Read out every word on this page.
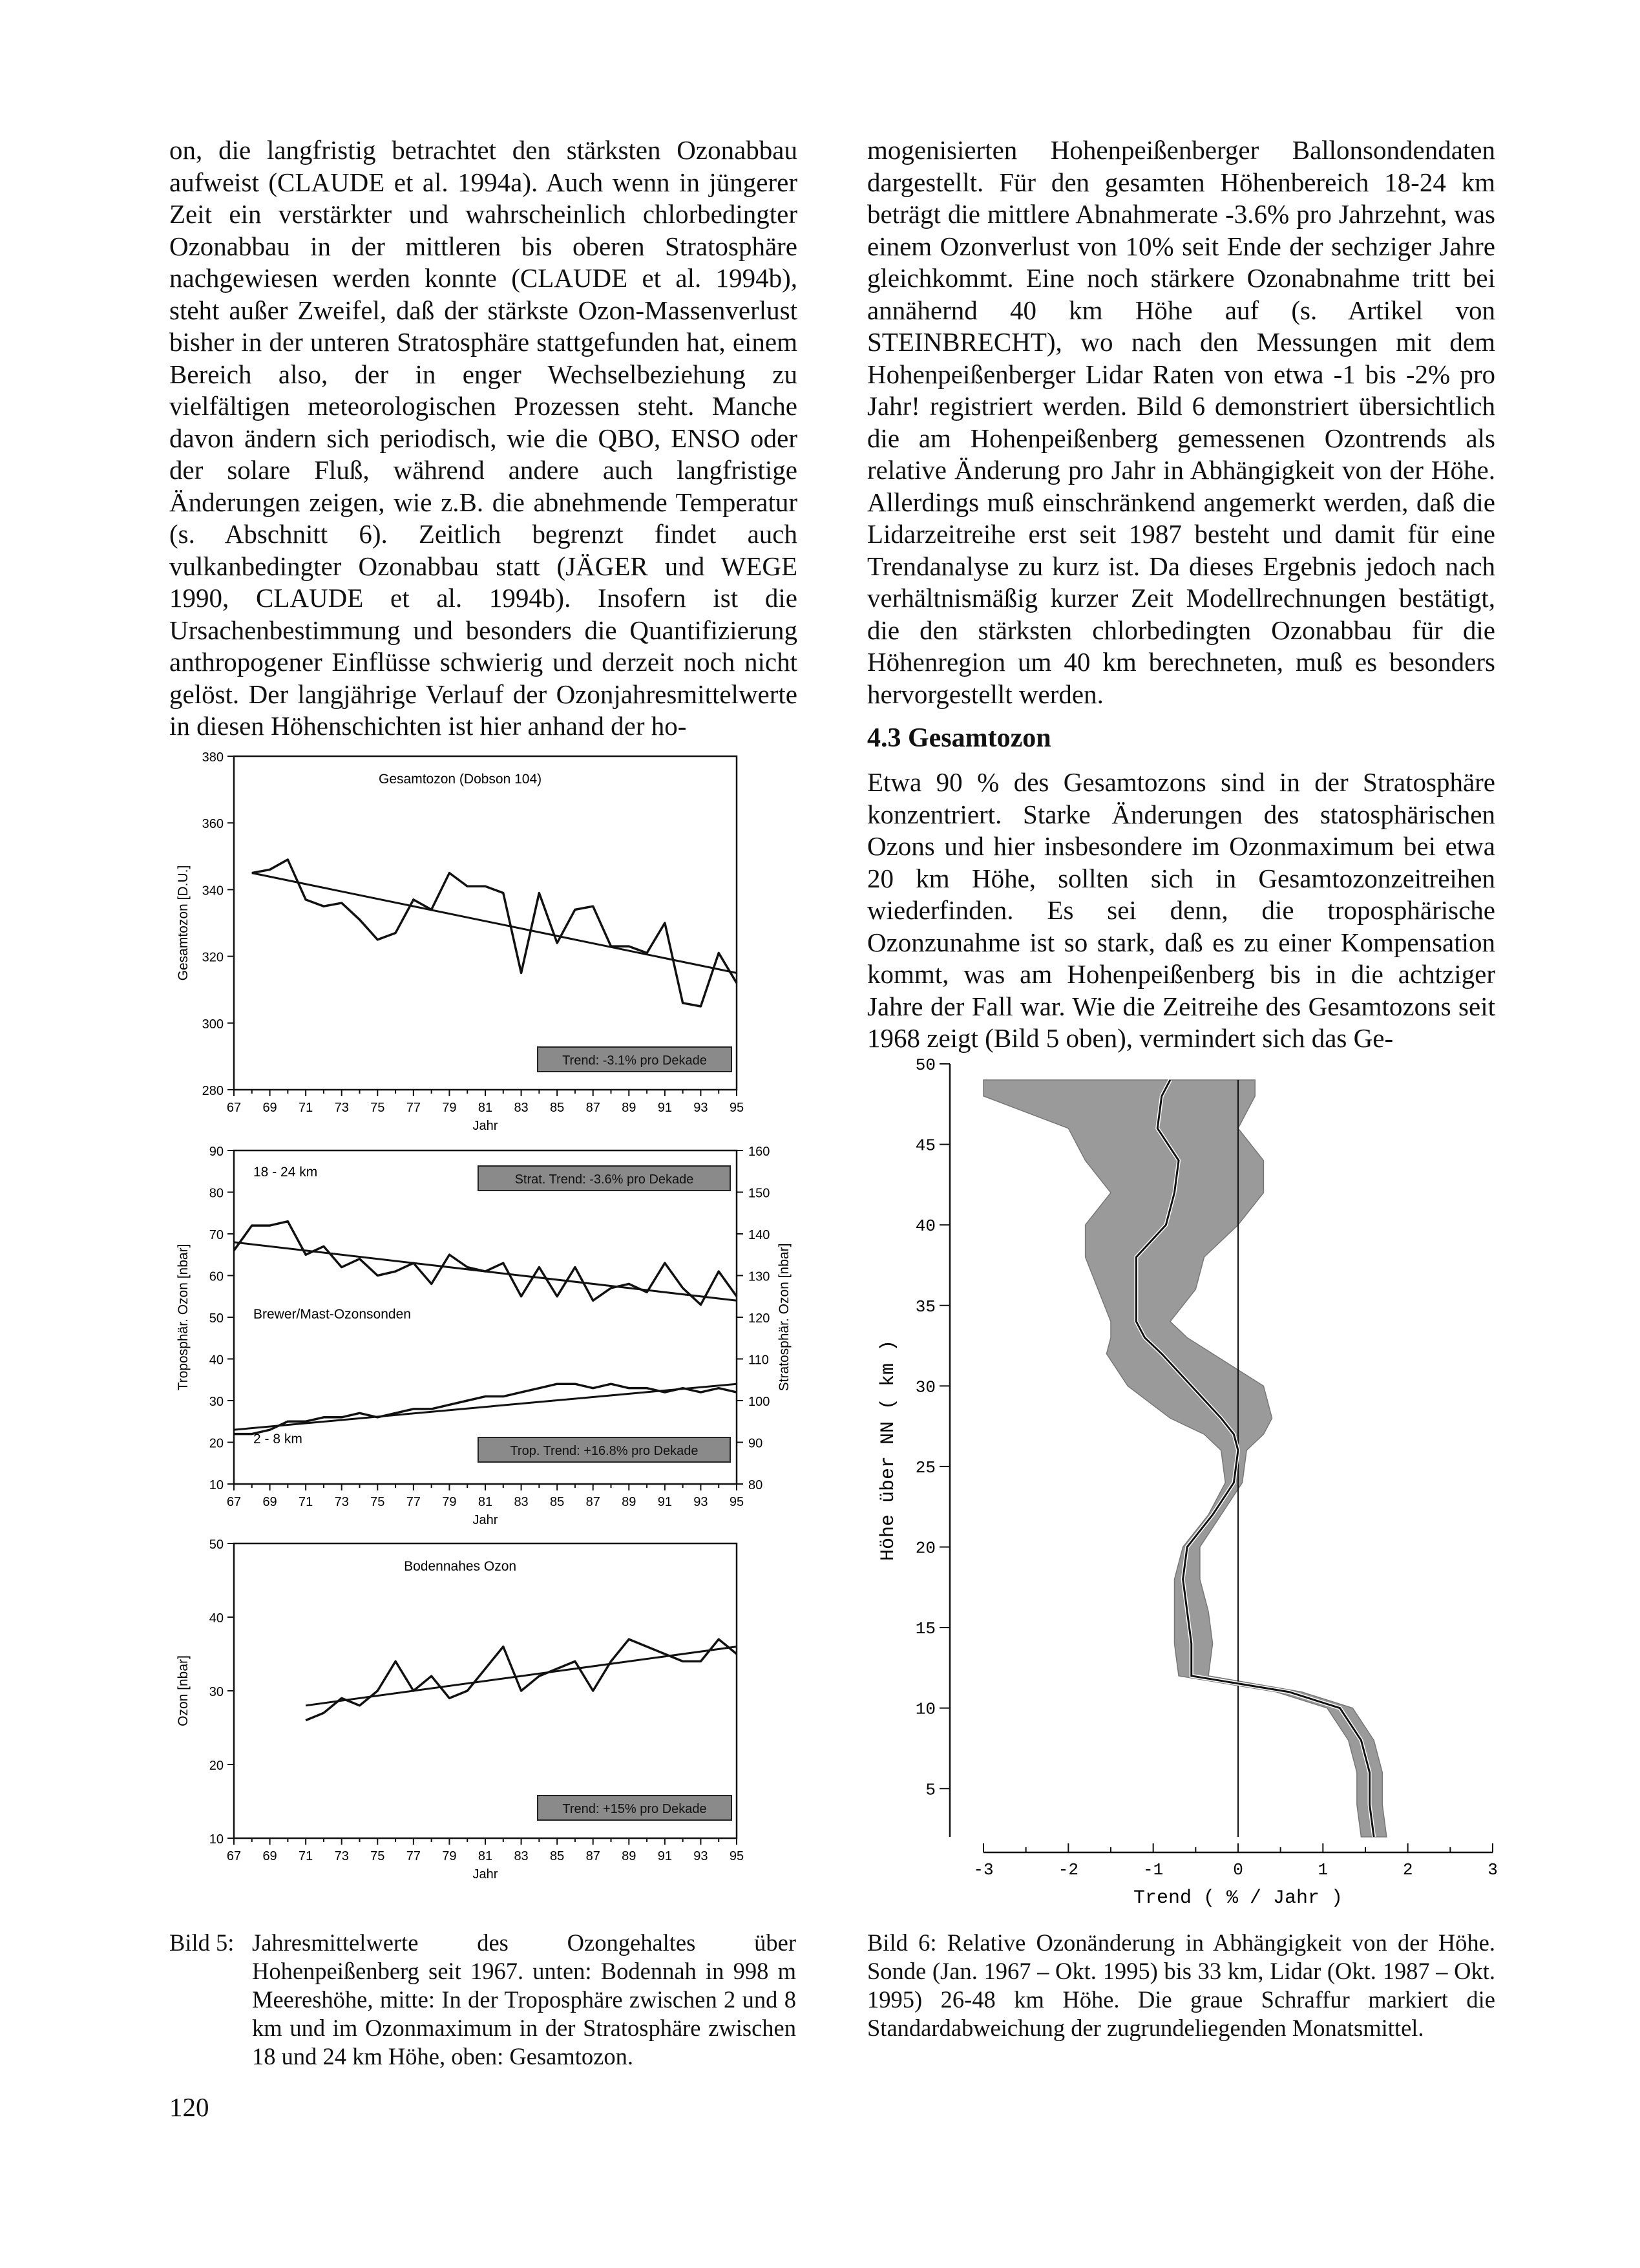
on, die langfristig betrachtet den stärksten Ozonabbau aufweist (CLAUDE et al. 1994a). Auch wenn in jüngerer Zeit ein verstärkter und wahrscheinlich chlorbedingter Ozonabbau in der mittleren bis oberen Stratosphäre nachgewiesen werden konnte (CLAUDE et al. 1994b), steht außer Zweifel, daß der stärkste Ozon-Massenverlust bisher in der unteren Stratosphäre stattgefunden hat, einem Bereich also, der in enger Wechselbeziehung zu vielfältigen meteorologischen Prozessen steht. Manche davon ändern sich periodisch, wie die QBO, ENSO oder der solare Fluß, während andere auch langfristige Änderungen zeigen, wie z.B. die abnehmende Temperatur (s. Abschnitt 6). Zeitlich begrenzt findet auch vulkanbedingter Ozonabbau statt (JÄGER und WEGE 1990, CLAUDE et al. 1994b). Insofern ist die Ursachenbestimmung und besonders die Quantifizierung anthropogener Einflüsse schwierig und derzeit noch nicht gelöst. Der langjährige Verlauf der Ozonjahresmittelwerte in diesen Höhenschichten ist hier anhand der ho-

mogenisierten Hohenpeißenberger Ballonsondendaten dargestellt. Für den gesamten Höhenbereich 18-24 km beträgt die mittlere Abnahmerate -3.6% pro Jahrzehnt, was einem Ozonverlust von 10% seit Ende der sechziger Jahre gleichkommt. Eine noch stärkere Ozonabnahme tritt bei annähernd 40 km Höhe auf (s. Artikel von STEINBRECHT), wo nach den Messungen mit dem Hohenpeißenberger Lidar Raten von etwa -1 bis -2% pro Jahr! registriert werden. Bild 6 demonstriert übersichtlich die am Hohenpeißenberg gemessenen Ozontrends als relative Änderung pro Jahr in Abhängigkeit von der Höhe. Allerdings muß einschränkend angemerkt werden, daß die Lidarzeitreihe erst seit 1987 besteht und damit für eine Trendanalyse zu kurz ist. Da dieses Ergebnis jedoch nach verhältnismäßig kurzer Zeit Modellrechnungen bestätigt, die den stärksten chlorbedingten Ozonabbau für die Höhenregion um 40 km berechneten, muß es besonders hervorgestellt werden.

4.3 Gesamtozon

Etwa 90 % des Gesamtozons sind in der Stratosphäre konzentriert. Starke Änderungen des statosphärischen Ozons und hier insbesondere im Ozonmaximum bei etwa 20 km Höhe, sollten sich in Gesamtozonzeitreihen wiederfinden. Es sei denn, die troposphärische Ozonzunahme ist so stark, daß es zu einer Kompensation kommt, was am Hohenpeißenberg bis in die achtziger Jahre der Fall war. Wie die Zeitreihe des Gesamtozons seit 1968 zeigt (Bild 5 oben), vermindert sich das Ge-

280
300
320
340
360
380
67 69 71 73 75 77 79 81 83 85 87 89 91 93 95
Jahr
Gesamtozon [D.U.]
Gesamtozon (Dobson 104)
Trend: -3.1% pro Dekade
10
20
30
40
50
60
70
80
90
67 69 71 73 75 77 79 81 83 85 87 89 91 93 95
Jahr
Troposphär. Ozon [nbar]
80
90
100
110
120
130
140
150
160
Stratosphär. Ozon [nbar]
18 - 24 km
Brewer/Mast-Ozonsonden
2 - 8 km
Strat. Trend: -3.6% pro Dekade
Trop. Trend: +16.8% pro Dekade
10
20
30
40
50
67 69 71 73 75 77 79 81 83 85 87 89 91 93 95
Jahr
Ozon [nbar]
Bodennahes Ozon
Trend: +15% pro Dekade
5
10
15
20
25
30
35
40
45
50
Höhe über NN ( km )
-3	-2	-1	0	1	2	3
Trend ( % / Jahr )
Bild 5: Jahresmittelwerte des Ozongehaltes über Hohenpeißenberg seit 1967. unten: Bodennah in 998 m Meereshöhe, mitte: In der Troposphäre zwischen 2 und 8 km und im Ozonmaximum in der Stratosphäre zwischen 18 und 24 km Höhe, oben: Gesamtozon.
Bild 6: Relative Ozonänderung in Abhängigkeit von der Höhe. Sonde (Jan. 1967 – Okt. 1995) bis 33 km, Lidar (Okt. 1987 – Okt. 1995) 26-48 km Höhe. Die graue Schraffur markiert die Standardabweichung der zugrundeliegenden Monatsmittel.
120
